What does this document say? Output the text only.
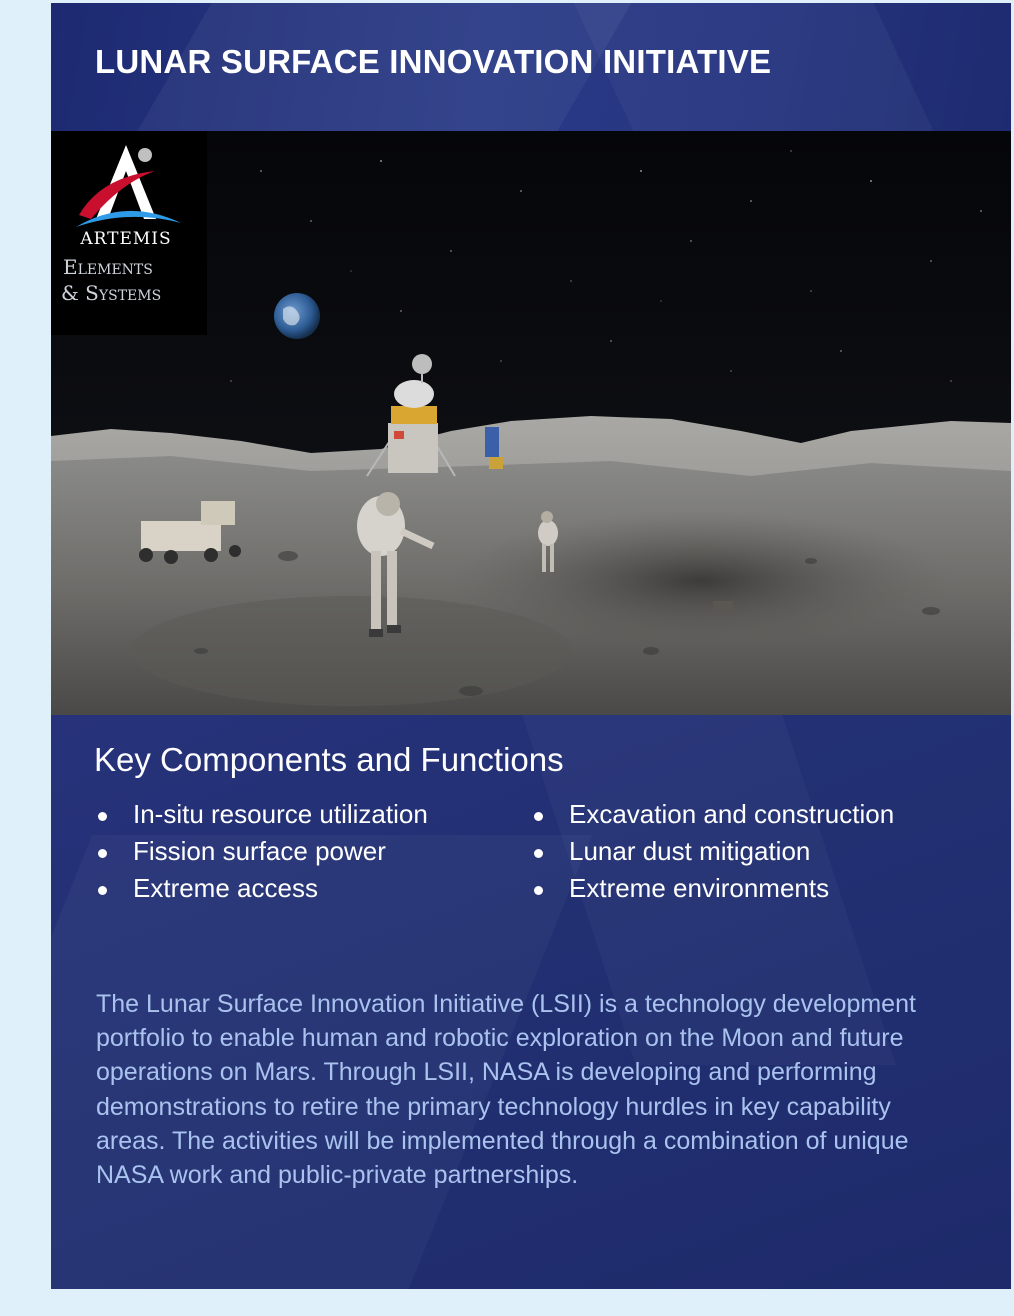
LUNAR SURFACE INNOVATION INITIATIVE
ARTEMIS
Elements
& Systems
Key Components and Functions
In-situ resource utilization
Fission surface power
Extreme access
Excavation and construction
Lunar dust mitigation
Extreme environments

The Lunar Surface Innovation Initiative (LSII) is a technology development portfolio to enable human and robotic exploration on the Moon and future operations on Mars. Through LSII, NASA is developing and performing demonstrations to retire the primary technology hurdles in key capability areas. The activities will be implemented through a combination of unique NASA work and public-private partnerships.
